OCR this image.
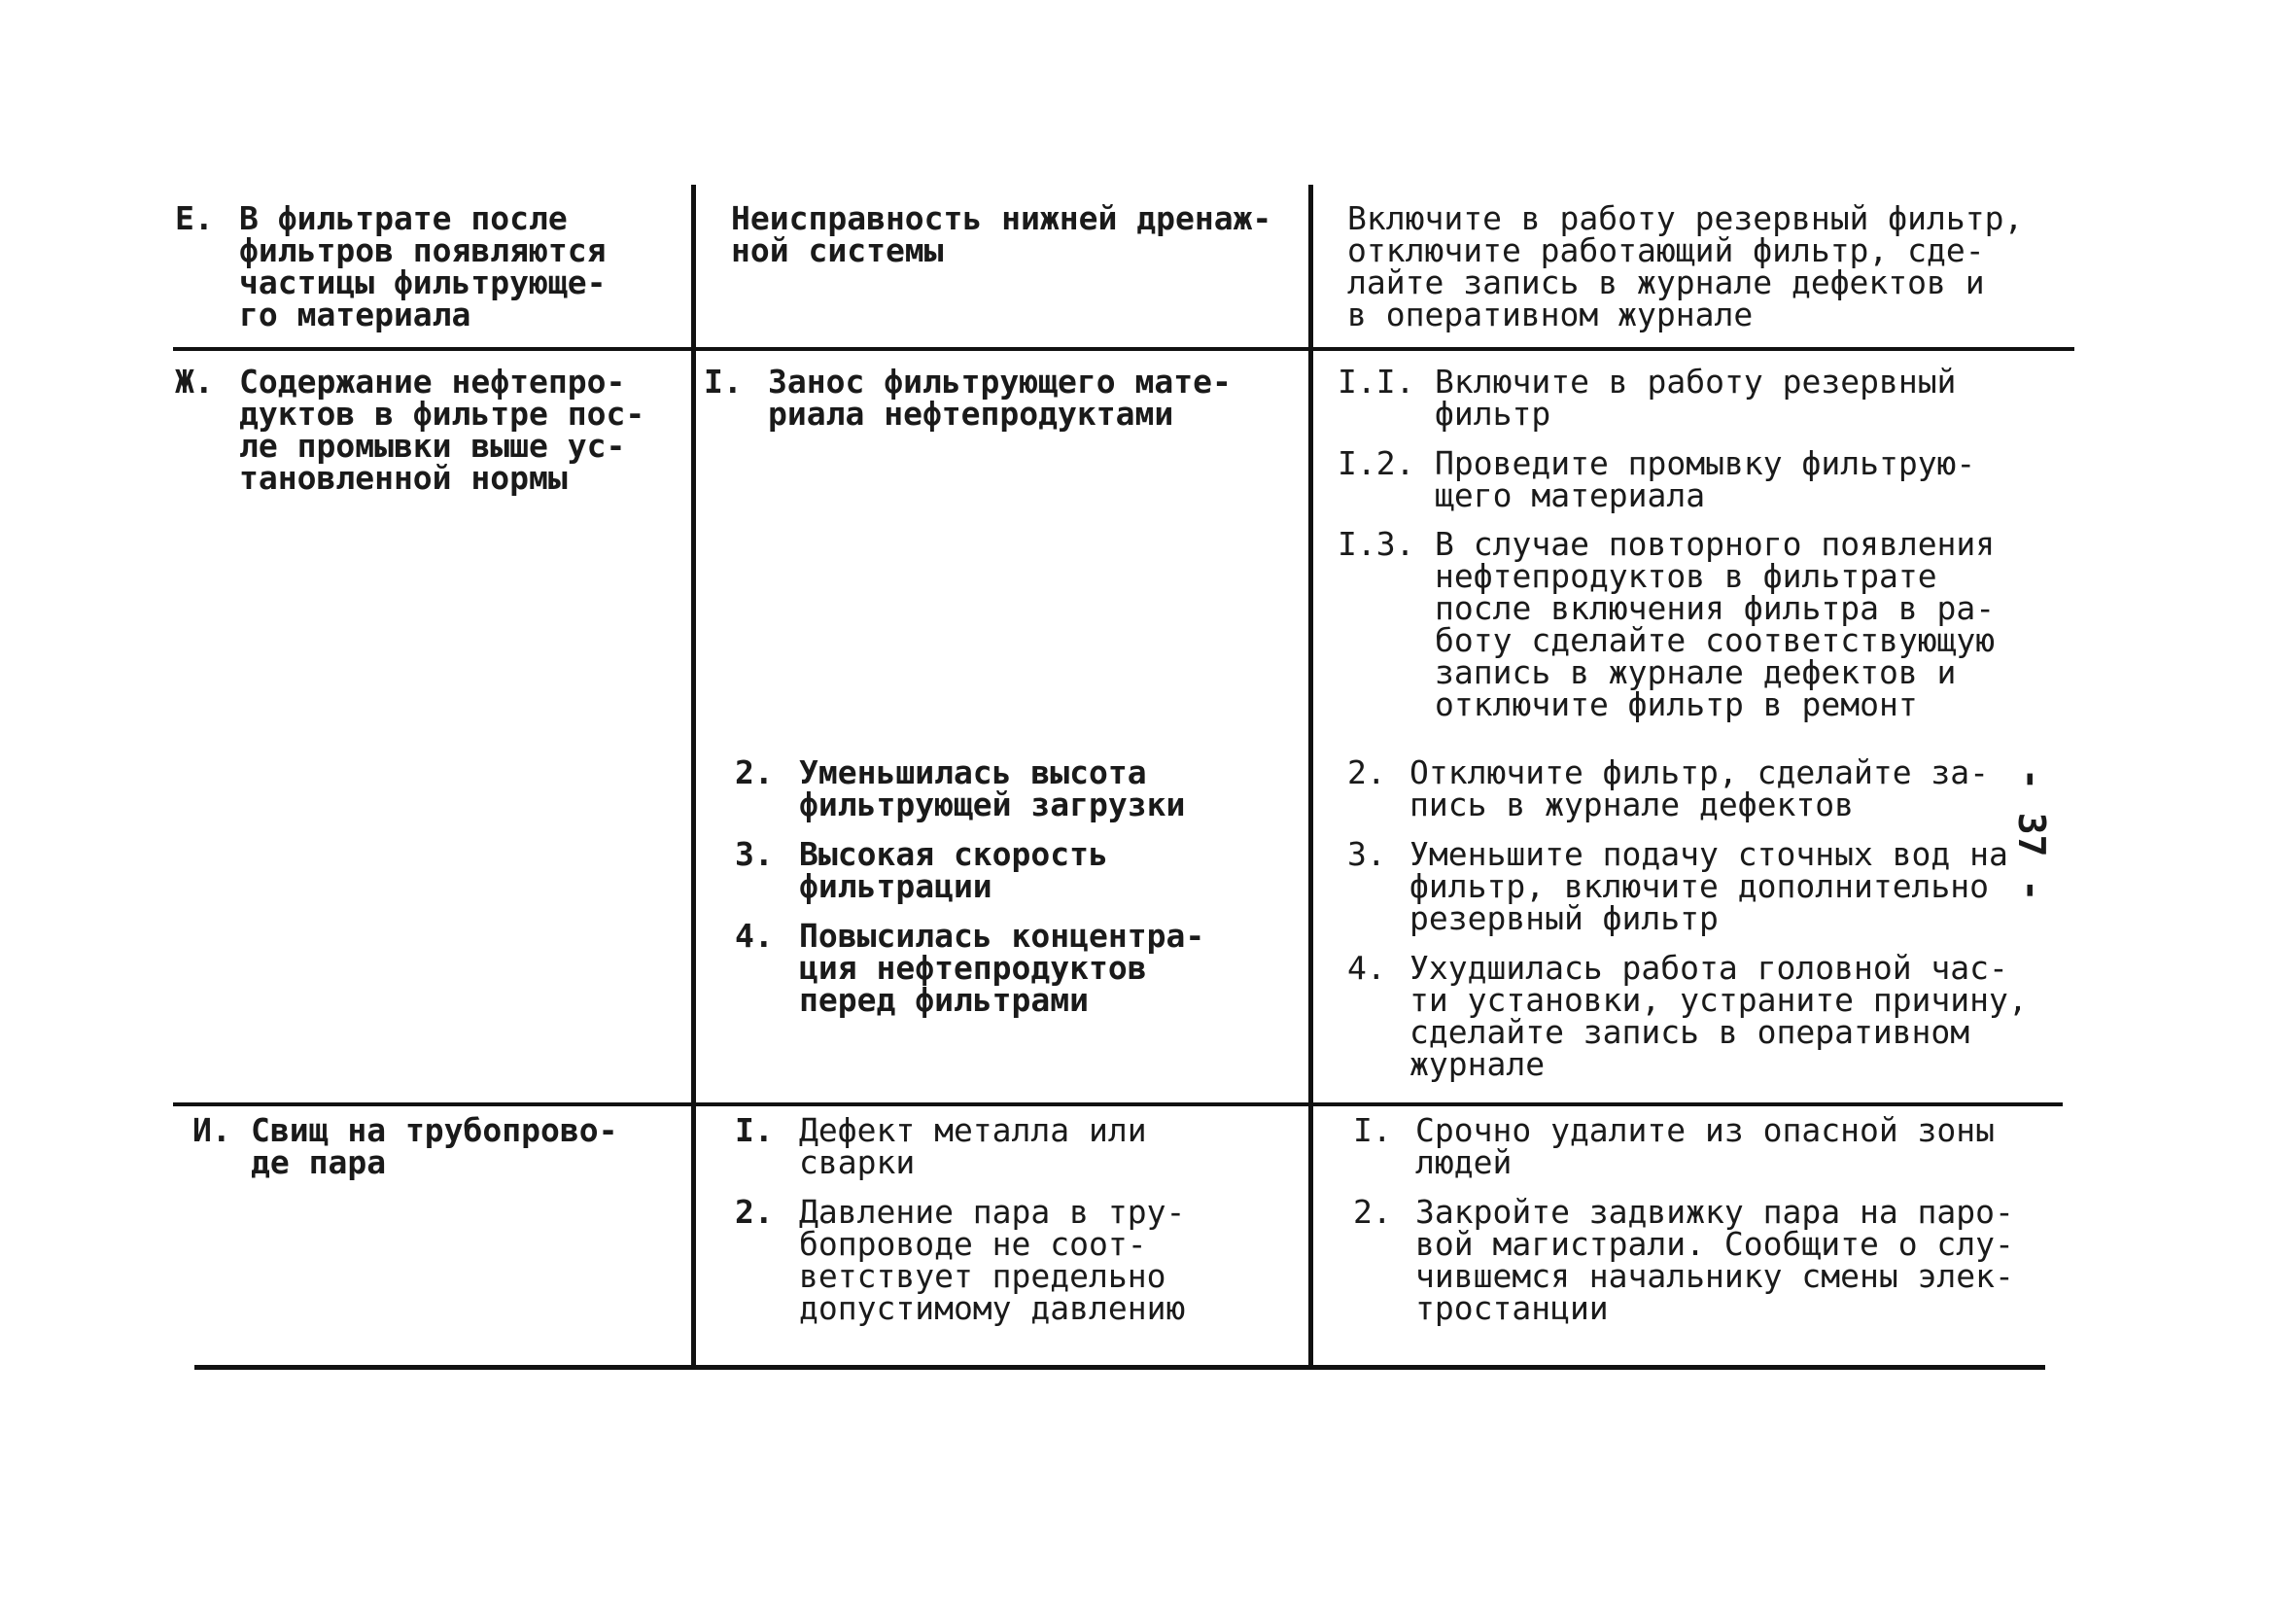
Е. В фильтрате после
фильтров появляются
частицы фильтрующе-
го материала
Неисправность нижней дренаж-
ной системы
Включите в работу резервный фильтр,
отключите работающий фильтр, сде-
лайте запись в журнале дефектов и
в оперативном журнале
Ж. Содержание нефтепро-
дуктов в фильтре пос-
ле промывки выше ус-
тановленной нормы
I. Занос фильтрующего мате-
риала нефтепродуктами
2. Уменьшилась высота
фильтрующей загрузки
3. Высокая скорость
фильтрации
4. Повысилась концентра-
ция нефтепродуктов
перед фильтрами
I.I. Включите в работу резервный
фильтр
I.2. Проведите промывку фильтрую-
щего материала
I.3. В случае повторного появления
нефтепродуктов в фильтрате
после включения фильтра в ра-
боту сделайте соответствующую
запись в журнале дефектов и
отключите фильтр в ремонт
2. Отключите фильтр, сделайте за-
пись в журнале дефектов
3. Уменьшите подачу сточных вод на
фильтр, включите дополнительно
резервный фильтр
4. Ухудшилась работа головной час-
ти установки, устраните причину,
сделайте запись в оперативном
журнале
И. Свищ на трубопрово-
де пара
I. Дефект металла или
сварки
2. Давление пара в тру-
бопроводе не соот-
ветствует предельно
допустимому давлению
I. Срочно удалите из опасной зоны
людей
2. Закройте задвижку пара на паро-
вой магистрали. Сообщите о слу-
чившемся начальнику смены элек-
тростанции
- 37 -
